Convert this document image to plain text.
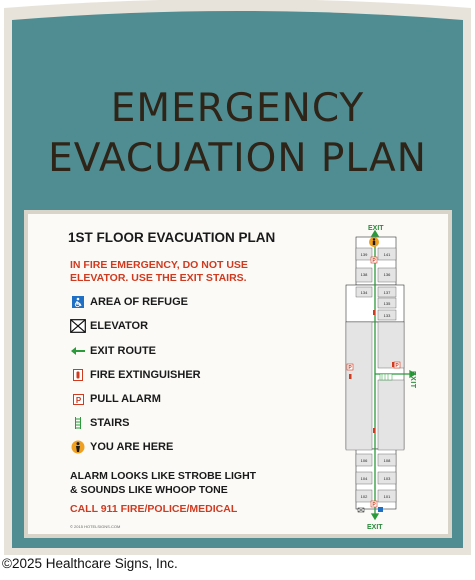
EMERGENCY
EVACUATION PLAN
1ST FLOOR EVACUATION PLAN
IN FIRE EMERGENCY, DO NOT USE
ELEVATOR. USE THE EXIT STAIRS.
AREA OF REFUGE
ELEVATOR
EXIT ROUTE
FIRE EXTINGUISHER
P PULL ALARM
STAIRS
YOU ARE HERE
ALARM LOOKS LIKE STROBE LIGHT
& SOUNDS LIKE WHOOP TONE
CALL 911 FIRE/POLICE/MEDICAL
© 2015 HOTELSIGNS.COM
139	141
138	136
134	137
135
133
106	108
104	103
102	101
P
P	P
P
EXIT
EXIT
EXIT
©2025 Healthcare Signs, Inc.
